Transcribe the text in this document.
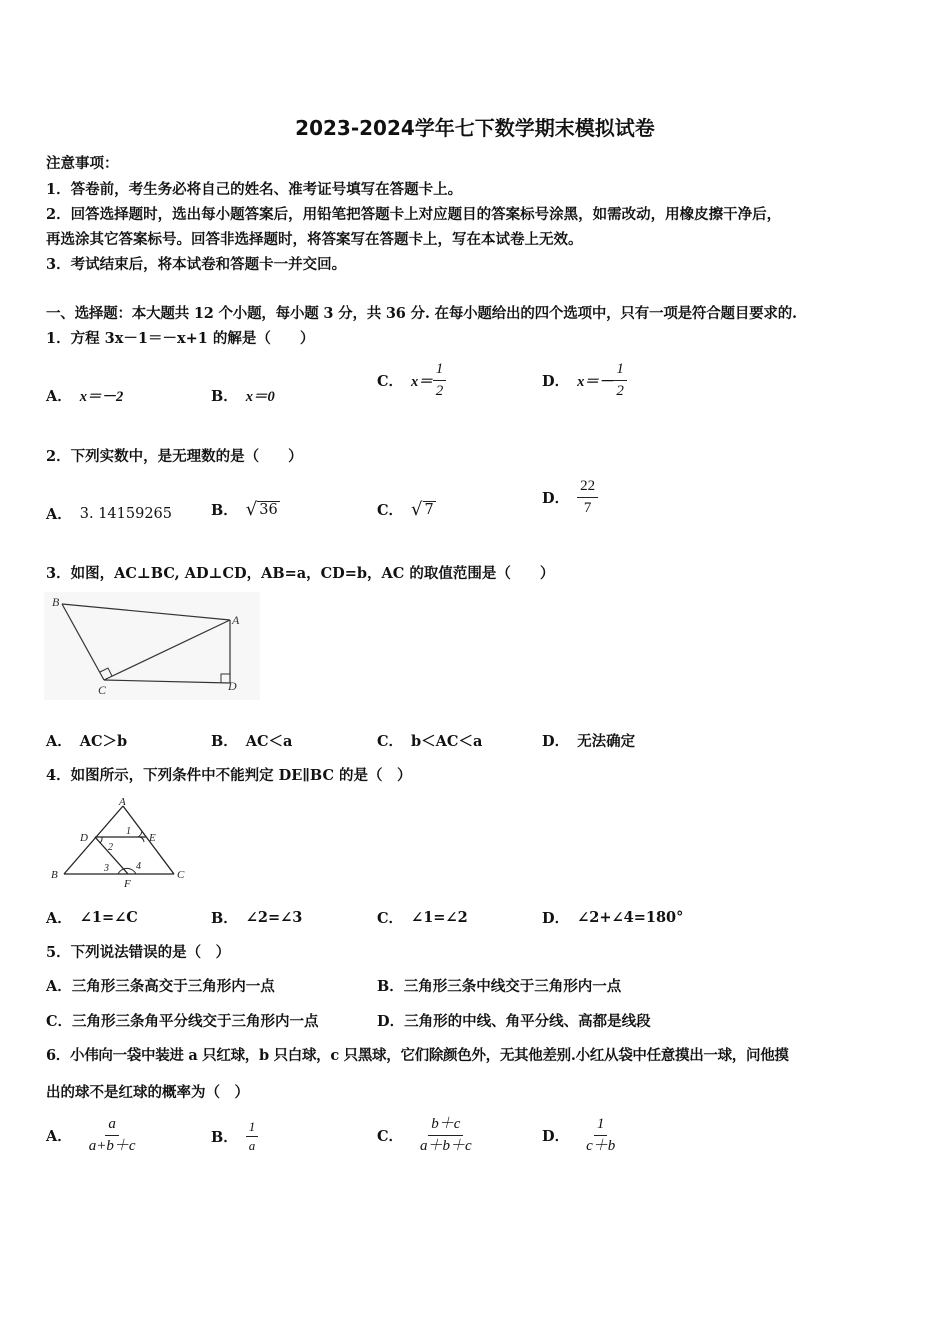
2023-2024学年七下数学期末模拟试卷
注意事项：
1．答卷前，考生务必将自己的姓名、准考证号填写在答题卡上。
2．回答选择题时，选出每小题答案后，用铅笔把答题卡上对应题目的答案标号涂黑，如需改动，用橡皮擦干净后，
再选涂其它答案标号。回答非选择题时，将答案写在答题卡上，写在本试卷上无效。
3．考试结束后，将本试卷和答题卡一并交回。
一、选择题：本大题共 12 个小题，每小题 3 分，共 36 分. 在每小题给出的四个选项中，只有一项是符合题目要求的.
1．方程 3x－1＝－x+1 的解是（　　）
A． x＝－2	B． x＝0
C． $x= \frac{1}{2}$	D． $x=- \frac{1}{2}$
2．下列实数中，是无理数的是（　　）
A． 3. 14159265	B． √ 36	C． √ 7
D． $\frac{22}{7}$
3．如图，AC⊥BC, AD⊥CD，AB=a，CD=b，AC 的取值范围是（　　）
B
A
C	D
A． AC＞b	B． AC＜a	C． b＜AC＜a	D． 无法确定
4．如图所示，下列条件中不能判定 DE∥BC 的是（　）
A
D	E
B	C
F
1
2
3	4
A． ∠1=∠C	B． ∠2=∠3	C． ∠1=∠2	D． ∠2+∠4=180°
5．下列说法错误的是（　）
A．三角形三条高交于三角形内一点	B．三角形三条中线交于三角形内一点
C．三角形三条角平分线交于三角形内一点	D．三角形的中线、角平分线、高都是线段
6．小伟向一袋中装进 a 只红球，b 只白球，c 只黑球，它们除颜色外，无其他差别.小红从袋中任意摸出一球，问他摸
出的球不是红球的概率为（　）
A． $\frac{a}{a+b+c}$	B． $\frac{1}{a}$	C． $\frac{b+c}{a+b+c}$	D． $\frac{1}{c+b}$
